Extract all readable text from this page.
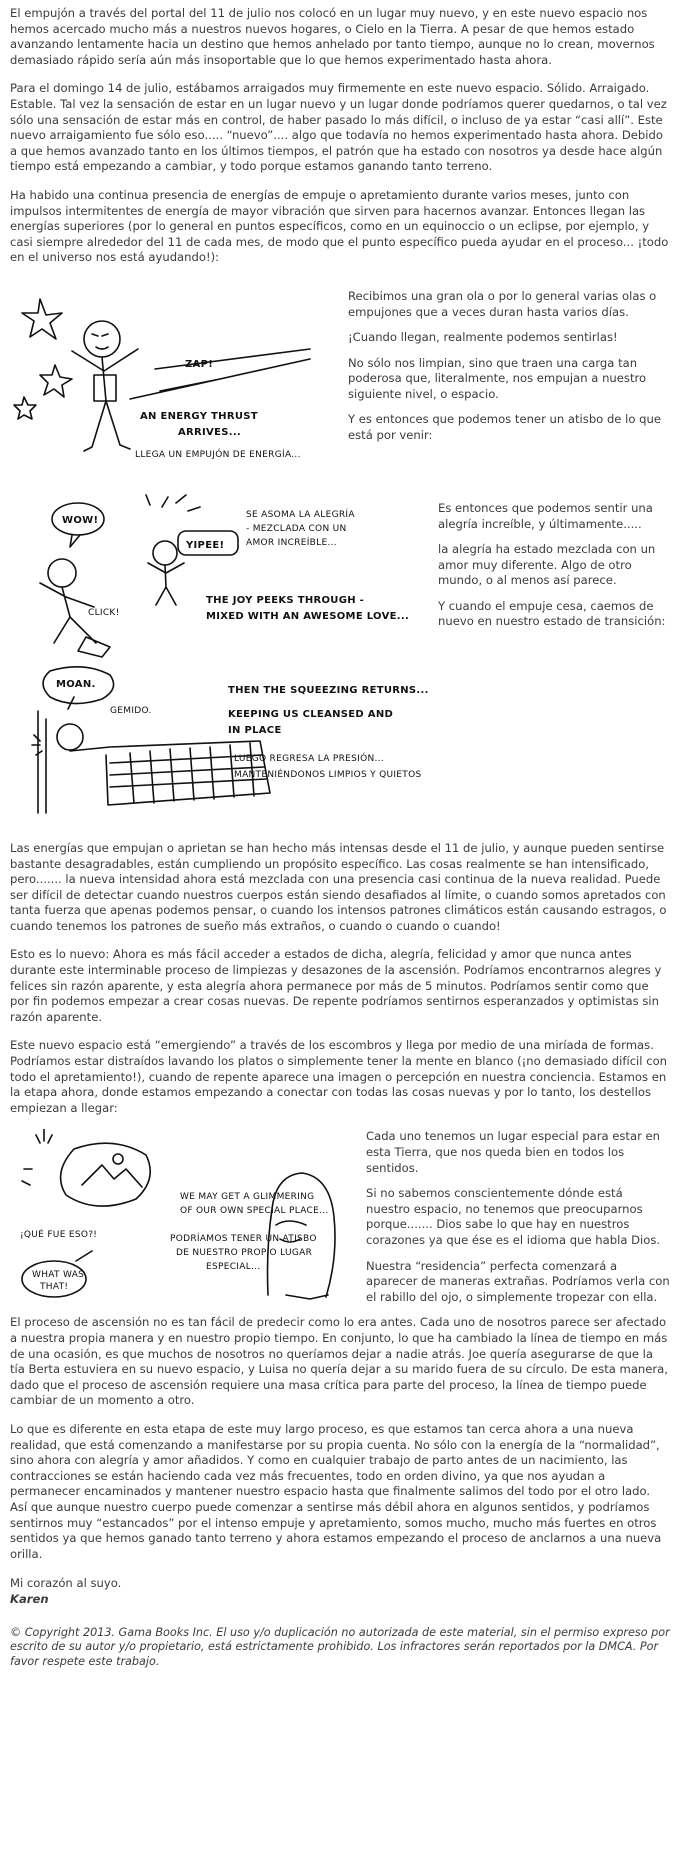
El empujón a través del portal del 11 de julio nos colocó en un lugar muy nuevo, y en este nuevo espacio nos hemos acercado mucho más a nuestros nuevos hogares, o Cielo en la Tierra. A pesar de que hemos estado avanzando lentamente hacia un destino que hemos anhelado por tanto tiempo, aunque no lo crean, movernos demasiado rápido sería aún más insoportable que lo que hemos experimentado hasta ahora.

Para el domingo 14 de julio, estábamos arraigados muy firmemente en este nuevo espacio. Sólido. Arraigado. Estable. Tal vez la sensación de estar en un lugar nuevo y un lugar donde podríamos querer quedarnos, o tal vez sólo una sensación de estar más en control, de haber pasado lo más difícil, o incluso de ya estar “casi allí”. Este nuevo arraigamiento fue sólo eso..... “nuevo”.... algo que todavía no hemos experimentado hasta ahora. Debido a que hemos avanzado tanto en los últimos tiempos, el patrón que ha estado con nosotros ya desde hace algún tiempo está empezando a cambiar, y todo porque estamos ganando tanto terreno.

Ha habido una continua presencia de energías de empuje o apretamiento durante varios meses, junto con impulsos intermitentes de energía de mayor vibración que sirven para hacernos avanzar. Entonces llegan las energías superiores (por lo general en puntos específicos, como en un equinoccio o un eclipse, por ejemplo, y casi siempre alrededor del 11 de cada mes, de modo que el punto específico pueda ayudar en el proceso... ¡todo en el universo nos está ayudando!):

ZAP!
AN ENERGY THRUST
ARRIVES...
LLEGA UN EMPUJÓN DE ENERGÍA...

Recibimos una gran ola o por lo general varias olas o empujones que a veces duran hasta varios días.

¡Cuando llegan, realmente podemos sentirlas!

No sólo nos limpian, sino que traen una carga tan poderosa que, literalmente, nos empujan a nuestro siguiente nivel, o espacio.

Y es entonces que podemos tener un atisbo de lo que está por venir:

WOW!
YIPEE!
CLICK!
SE ASOMA LA ALEGRÍA
- MEZCLADA CON UN
AMOR INCREÍBLE...
THE JOY PEEKS THROUGH -
MIXED WITH AN AWESOME LOVE...

Es entonces que podemos sentir una alegría increíble, y últimamente.....

la alegría ha estado mezclada con un amor muy diferente. Algo de otro mundo, o al menos así parece.

Y cuando el empuje cesa, caemos de nuevo en nuestro estado de transición:

MOAN.
GEMIDO.
THEN THE SQUEEZING RETURNS...
KEEPING US CLEANSED AND
IN PLACE
LUEGO REGRESA LA PRESIÓN...
MANTENIÉNDONOS LIMPIOS Y QUIETOS

Las energías que empujan o aprietan se han hecho más intensas desde el 11 de julio, y aunque pueden sentirse bastante desagradables, están cumpliendo un propósito específico. Las cosas realmente se han intensificado, pero....... la nueva intensidad ahora está mezclada con una presencia casi continua de la nueva realidad. Puede ser difícil de detectar cuando nuestros cuerpos están siendo desafiados al límite, o cuando somos apretados con tanta fuerza que apenas podemos pensar, o cuando los intensos patrones climáticos están causando estragos, o cuando tenemos los patrones de sueño más extraños, o cuando o cuando o cuando!

Esto es lo nuevo: Ahora es más fácil acceder a estados de dicha, alegría, felicidad y amor que nunca antes durante este interminable proceso de limpiezas y desazones de la ascensión. Podríamos encontrarnos alegres y felices sin razón aparente, y esta alegría ahora permanece por más de 5 minutos. Podríamos sentir como que por fin podemos empezar a crear cosas nuevas. De repente podríamos sentirnos esperanzados y optimistas sin razón aparente.

Este nuevo espacio está “emergiendo” a través de los escombros y llega por medio de una miríada de formas. Podríamos estar distraídos lavando los platos o simplemente tener la mente en blanco (¡no demasiado difícil con todo el apretamiento!), cuando de repente aparece una imagen o percepción en nuestra conciencia. Estamos en la etapa ahora, donde estamos empezando a conectar con todas las cosas nuevas y por lo tanto, los destellos empiezan a llegar:

¡QUÉ FUE ESO?!
WHAT WAS
THAT!
WE MAY GET A GLIMMERING
OF OUR OWN SPECIAL PLACE...
PODRÍAMOS TENER UN ATISBO
DE NUESTRO PROPIO LUGAR
ESPECIAL...

Cada uno tenemos un lugar especial para estar en esta Tierra, que nos queda bien en todos los sentidos.

Si no sabemos conscientemente dónde está nuestro espacio, no tenemos que preocuparnos porque....... Dios sabe lo que hay en nuestros corazones ya que ése es el idioma que habla Dios.

Nuestra “residencia” perfecta comenzará a aparecer de maneras extrañas. Podríamos verla con el rabillo del ojo, o simplemente tropezar con ella.

El proceso de ascensión no es tan fácil de predecir como lo era antes. Cada uno de nosotros parece ser afectado a nuestra propia manera y en nuestro propio tiempo. En conjunto, lo que ha cambiado la línea de tiempo en más de una ocasión, es que muchos de nosotros no queríamos dejar a nadie atrás. Joe quería asegurarse de que la tía Berta estuviera en su nuevo espacio, y Luisa no quería dejar a su marido fuera de su círculo. De esta manera, dado que el proceso de ascensión requiere una masa crítica para parte del proceso, la línea de tiempo puede cambiar de un momento a otro.

Lo que es diferente en esta etapa de este muy largo proceso, es que estamos tan cerca ahora a una nueva realidad, que está comenzando a manifestarse por su propia cuenta. No sólo con la energía de la “normalidad”, sino ahora con alegría y amor añadidos. Y como en cualquier trabajo de parto antes de un nacimiento, las contracciones se están haciendo cada vez más frecuentes, todo en orden divino, ya que nos ayudan a permanecer encaminados y mantener nuestro espacio hasta que finalmente salimos del todo por el otro lado. Así que aunque nuestro cuerpo puede comenzar a sentirse más débil ahora en algunos sentidos, y podríamos sentirnos muy “estancados” por el intenso empuje y apretamiento, somos mucho, mucho más fuertes en otros sentidos ya que hemos ganado tanto terreno y ahora estamos empezando el proceso de anclarnos a una nueva orilla.

Mi corazón al suyo.

Karen

© Copyright 2013. Gama Books Inc. El uso y/o duplicación no autorizada de este material, sin el permiso expreso por escrito de su autor y/o propietario, está estrictamente prohibido. Los infractores serán reportados por la DMCA. Por favor respete este trabajo.
